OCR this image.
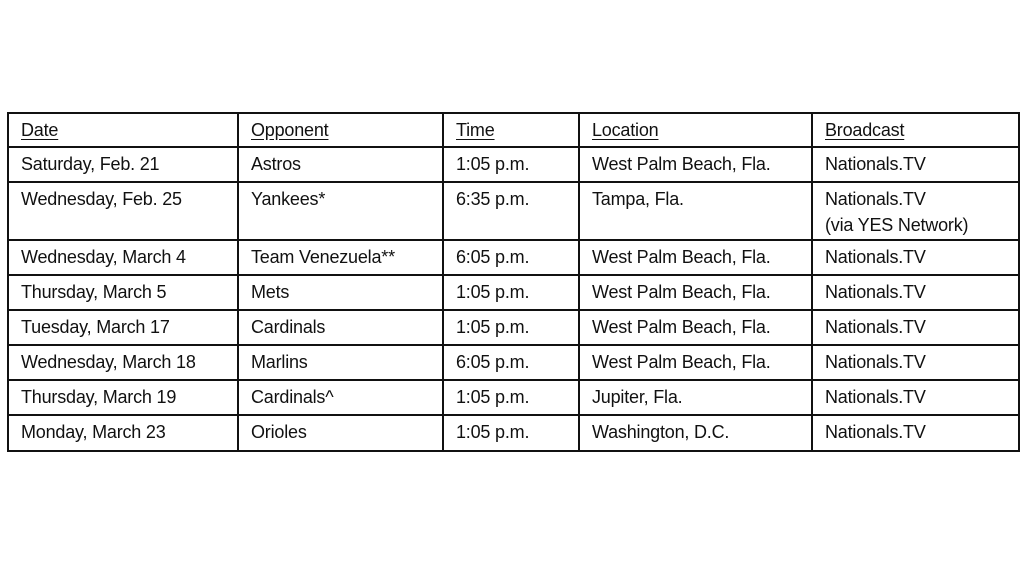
Date	Opponent	Time	Location	Broadcast
Saturday, Feb. 21	Astros	1:05 p.m.	West Palm Beach, Fla.	Nationals.TV
Wednesday, Feb. 25	Yankees*	6:35 p.m.	Tampa, Fla.	Nationals.TV
(via YES Network)

Wednesday, March 4	Team Venezuela**	6:05 p.m.	West Palm Beach, Fla.	Nationals.TV
Thursday, March 5	Mets	1:05 p.m.	West Palm Beach, Fla.	Nationals.TV
Tuesday, March 17	Cardinals	1:05 p.m.	West Palm Beach, Fla.	Nationals.TV
Wednesday, March 18	Marlins	6:05 p.m.	West Palm Beach, Fla.	Nationals.TV
Thursday, March 19	Cardinals^	1:05 p.m.	Jupiter, Fla.	Nationals.TV
Monday, March 23	Orioles	1:05 p.m.	Washington, D.C.	Nationals.TV
